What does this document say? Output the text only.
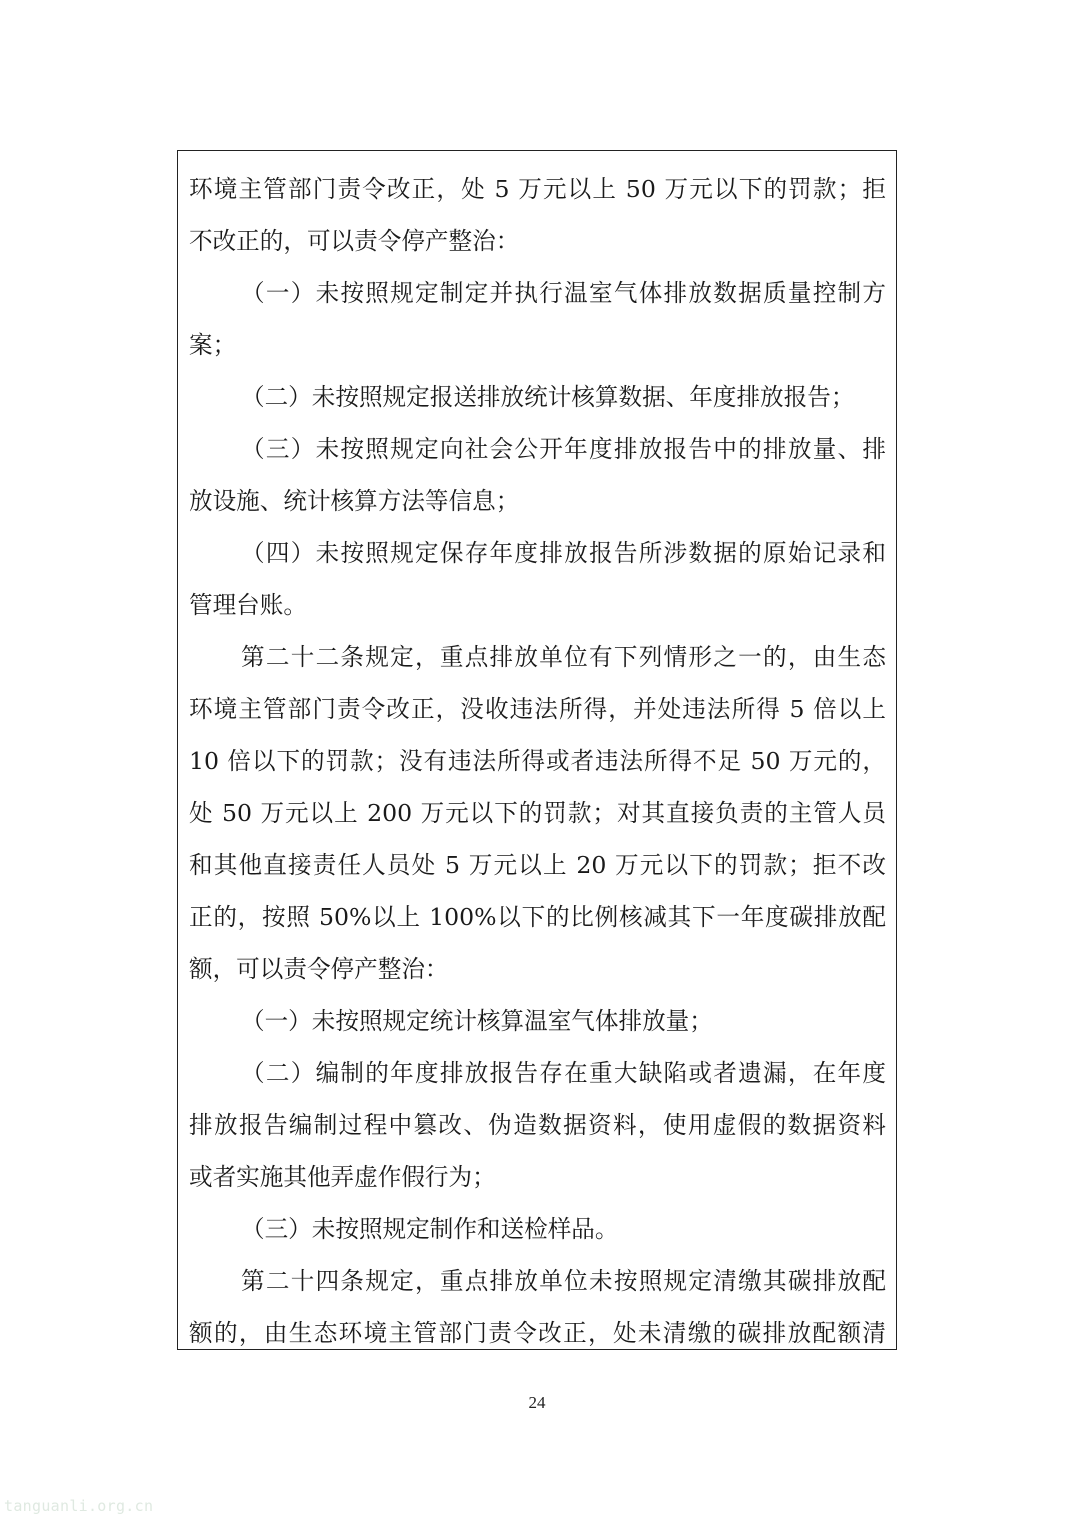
环境主管部门责令改正，处 5 万元以上 50 万元以下的罚款；拒
不改正的，可以责令停产整治：
（一）未按照规定制定并执行温室气体排放数据质量控制方
案；
（二）未按照规定报送排放统计核算数据、年度排放报告；
（三）未按照规定向社会公开年度排放报告中的排放量、排
放设施、统计核算方法等信息；
（四）未按照规定保存年度排放报告所涉数据的原始记录和
管理台账。
第二十二条规定，重点排放单位有下列情形之一的，由生态
环境主管部门责令改正，没收违法所得，并处违法所得 5 倍以上
10 倍以下的罚款；没有违法所得或者违法所得不足 50 万元的，
处 50 万元以上 200 万元以下的罚款；对其直接负责的主管人员
和其他直接责任人员处 5 万元以上 20 万元以下的罚款；拒不改
正的，按照 50%以上 100%以下的比例核减其下一年度碳排放配
额，可以责令停产整治：
（一）未按照规定统计核算温室气体排放量；
（二）编制的年度排放报告存在重大缺陷或者遗漏，在年度
排放报告编制过程中篡改、伪造数据资料，使用虚假的数据资料
或者实施其他弄虚作假行为；
（三）未按照规定制作和送检样品。
第二十四条规定，重点排放单位未按照规定清缴其碳排放配
额的，由生态环境主管部门责令改正，处未清缴的碳排放配额清
24
tanguanli.org.cn
